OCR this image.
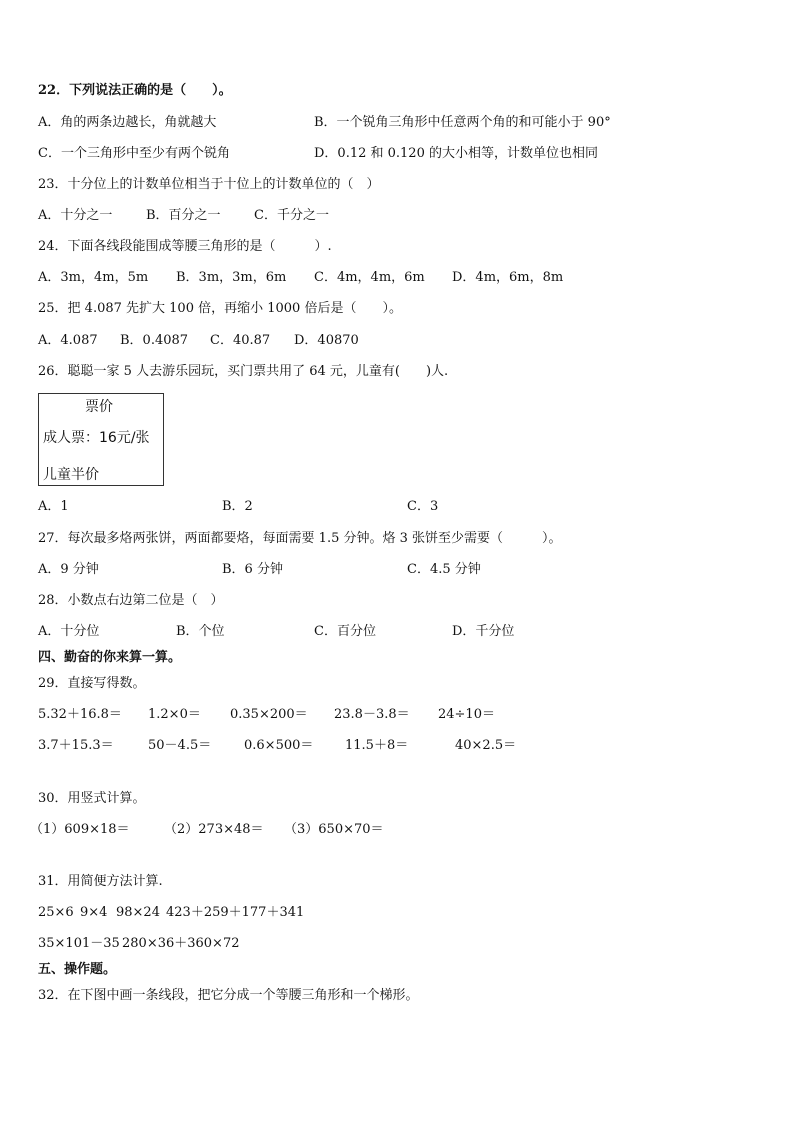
22．下列说法正确的是（　　）。
A．角的两条边越长，角就越大	B．一个锐角三角形中任意两个角的和可能小于 90°
C．一个三角形中至少有两个锐角	D．0.12 和 0.120 的大小相等，计数单位也相同
23．十分位上的计数单位相当于十位上的计数单位的（　）
A．十分之一	B．百分之一	C．千分之一
24．下面各线段能围成等腰三角形的是（　　　）.
A．3m，4m，5m B．3m，3m，6m C．4m，4m，6m D．4m，6m，8m
25．把 4.087 先扩大 100 倍，再缩小 1000 倍后是（　　）。
A．4.087 B．0.4087 C．40.87 D．40870
26．聪聪一家 5 人去游乐园玩，买门票共用了 64 元，儿童有(　　)人.
票价
成人票：16元/张
儿童半价
A．1	B．2	C．3
27．每次最多烙两张饼，两面都要烙，每面需要 1.5 分钟。烙 3 张饼至少需要（　　　）。
A．9 分钟	B．6 分钟	C．4.5 分钟
28．小数点右边第二位是（　）
A．十分位	B．个位	C．百分位	D．千分位
四、勤奋的你来算一算。
29．直接写得数。
5.32＋16.8＝ 1.2×0＝ 0.35×200＝ 23.8－3.8＝ 24÷10＝
3.7＋15.3＝	50－4.5＝	0.6×500＝ 11.5＋8＝	40×2.5＝
30．用竖式计算。
（1）609×18＝	（2）273×48＝ （3）650×70＝
31．用简便方法计算.
25×6 9×4 98×24 423＋259＋177＋341
35×101－35 280×36＋360×72
五、操作题。
32．在下图中画一条线段，把它分成一个等腰三角形和一个梯形。
